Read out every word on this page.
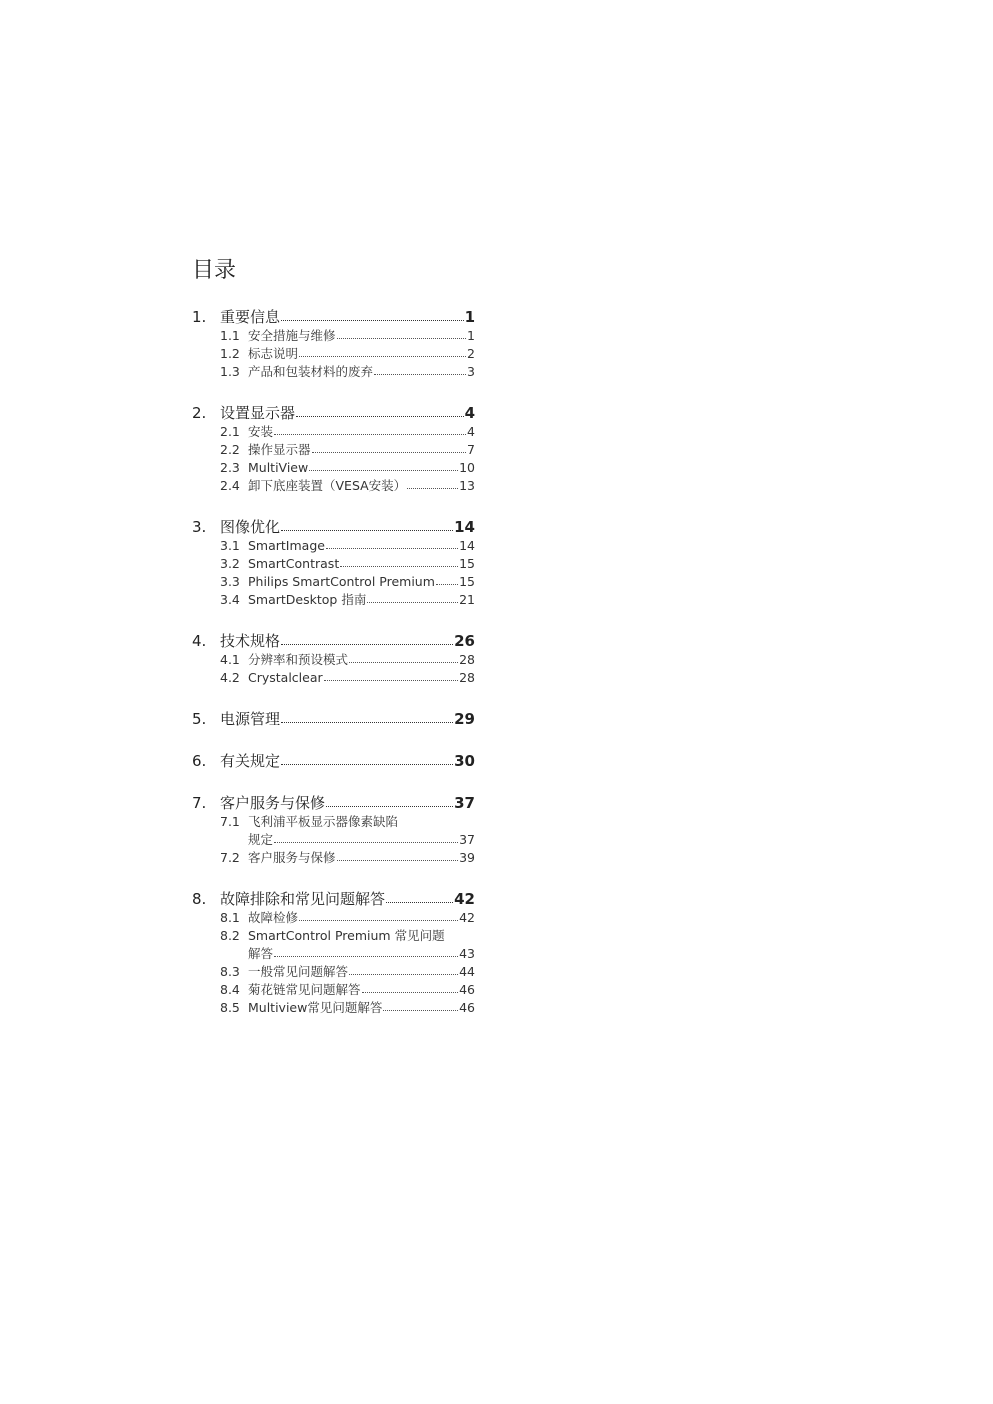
目录
1. 重要信息	1
1.1 安全措施与维修	1
1.2 标志说明	2
1.3 产品和包装材料的废弃	3
2. 设置显示器	4
2.1 安装	4
2.2 操作显示器	7
2.3 MultiView	10
2.4 卸下底座装置（VESA安装）	13
3. 图像优化	14
3.1 SmartImage	14
3.2 SmartContrast	15
3.3 Philips SmartControl Premium 15
3.4 SmartDesktop 指南	21
4. 技术规格	26
4.1 分辨率和预设模式	28
4.2 Crystalclear	28
5. 电源管理	29
6. 有关规定	30
7. 客户服务与保修	37
7.1 飞利浦平板显示器像素缺陷
规定	37
7.2 客户服务与保修	39
8. 故障排除和常见问题解答	42
8.1 故障检修	42
8.2 SmartControl Premium 常见问题
解答	43
8.3 一般常见问题解答	44
8.4 菊花链常见问题解答	46
8.5 Multiview常见问题解答	46
